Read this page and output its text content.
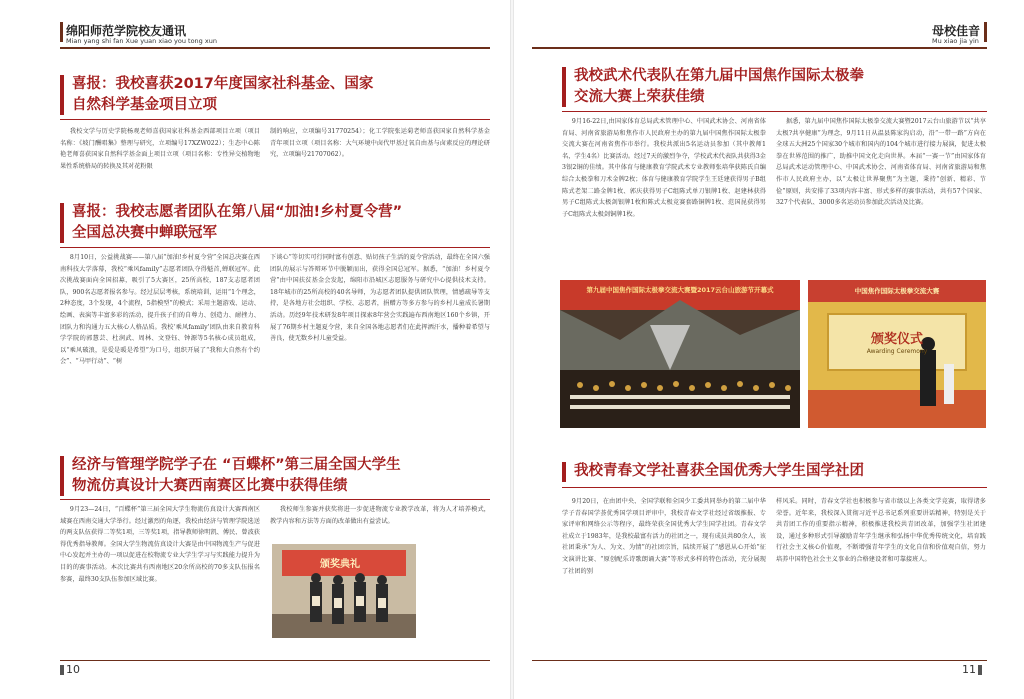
绵阳师范学院校友通讯
Mian yang shi fan Xue yuan xiao you tong xun
喜报：我校喜获2017年度国家社科基金、国家
自然科学基金项目立项
我校文学与历史学院杨观老师喜获国家社科基金西部项目立项（项目名称：《坡门酬唱集》整理与研究，立项编号17XZW022）；生态中心陈艳老师喜获国家自然科学基金面上项目立项（项目名称：专性异交植物地果性系统格局的转换及其对花粉限
制的响应，立项编号31770254）；化工学院张运菊老师喜获国家自然科学基金青年项目立项（项目名称：大气环境中卤代甲基过氧自由基与卤素反应的理论研究，立项编号21707062）。
喜报：我校志愿者团队在第八届“加油!乡村夏令营”
全国总决赛中蝉联冠军
8月10日，公益挑战赛——第八届“加油!乡村夏令营”全国总决赛在西南科技大学落幕，我校“乘风family”志愿者团队夺得魁首,蝉联冠军。此次挑战赛面向全国招募，吸引了5大赛区，25所高校，187支志愿者团队，900名志愿者报名参与。经过层层考核，系统培训，运用“1个理念，2种态度，3个发现，4个流程，5指模型”的模式；采用主题游戏、运动、绘画、表演等丰富多彩的活动，提升孩子们的自尊力、创造力、耐挫力、团队力和沟通力五大核心人格品质。我校‘乘风family’团队由来自教育科学学院的郭慧芸、杜润武、周林、文登钰、钟源等5名核心成员组成，以“乘风破浪，是爱是暖是希望”为口号，组织开展了“我和大自然有个约会”、“马甲行动”、“树
下谈心”等切实可行同时富有创意、贴切孩子生活的夏令营活动，最终在全国六强团队的展示与答辩环节中脱颖而出，获得全国总冠军。据悉，“加油！乡村夏令营”由中国扶贫基金会发起，绵阳市沿城区志愿服务与研究中心提供技术支持。18年城市的25所高校的40名导师，为志愿者团队提供团队管理，情感疏导等支持，是各地方社会组织、学校、志愿者，捐赠方等多方参与的乡村儿童成长暑期活动。历经9年技术研发8年项目探索8年营会实践遍布西南地区160个乡镇，开展了76期乡村主题夏令营，来自全国各地志愿者们在此挥洒汗水，播种着希望与善良，使无数乡村儿童受益。
经济与管理学院学子在 “百蝶杯”第三届全国大学生
物流仿真设计大赛西南赛区比赛中获得佳绩
9月23—24日，“百蝶杯”第三届全国大学生物流仿真设计大赛西南区域赛在西南交通大学举行。经过激烈的角逐，我校由经济与管理学院选送的两支队伍获得二等奖1项，三等奖1项，指导教师徐明凯、傅民、曾波获得优秀指导教师。全国大学生物流仿真设计大赛是由中国物流生产与促进中心发起并主办的一项以促进在校物流专业大学生学习与实践能力提升为目的的赛事活动。本次比赛共有西南地区20余所高校的70多支队伍报名参赛，最终30支队伍参加区域比赛。
我校师生参赛并获奖将进一步促进物流专业教学改革，将为人才培养模式，教学内容和方法等方面的改革做出有益尝试。
颁奖典礼
10
母校佳音
Mu xiao jia yin
我校武术代表队在第九届中国焦作国际太极拳
交流大赛上荣获佳绩
9月16-22日,由国家体育总局武术管理中心、中国武术协会、河南省体育局、河南省旅游局和焦作市人民政府主办的第九届中国焦作国际太极拳交流大赛在河南省焦作市举行。我校共派出5名运动员参加（其中教师1名，学生4名）比赛活动。经过7天的激烈争夺，学校武术代表队共获得3金3银2铜的佳绩。其中体育与健康教育学院武术专业教师张培华获陈氏自编综合太极拳和刀术金牌2枚；体育与健康教育学院学生王廷建获得男子B组陈式老架二路金牌1枚、郭庆获得男子C组陈式单刀银牌1枚、赵建林获得男子C组陈式太极剑银牌1枚和陈式太极竞赛套路铜牌1枚、范国昆获得男子C组陈式太极剑铜牌1枚。
据悉，第九届中国焦作国际太极拳交流大赛暨2017云台山旅游节以“共享太极?共享健康”为理念，9月11日从温县陈家沟启动，沿“一带一路”方向在全球五大洲25个国家30个城市和国内的104个城市进行接力展演，促进太极拳在世界范围的推广，助推中国文化走向世界。本届“一赛一节”由国家体育总局武术运动管理中心、中国武术协会、河南省体育局、河南省旅游局和焦作市人民政府主办，以“太极让世界聚焦”为主题，秉持“创新、精彩、节俭”原则，共安排了33项内容丰富、形式多样的赛事活动，共有57个国家、327个代表队、3000多名运动员参加此次活动及比赛。
第九届中国焦作国际太极拳交流大赛暨2017云台山旅游节开幕式	中国焦作国际太极拳交流大赛
颁奖仪式
Awarding Ceremony
我校青春文学社喜获全国优秀大学生国学社团
9月20日，在由团中央、全国学联和全国少工委共同举办的第二届中华学子青春国学荟优秀国学项目评审中，我校青春文学社经过省级推报、专家评审和网络公示等程序，最终荣获全国优秀大学生国学社团。青春文学社成立于1983年，是我校最富有活力的社团之一，现有成员共80余人，该社团秉承“为人、为文、为情”的社团宗旨，陆续开展了“感恩从心开始”征文演讲比赛、“原创配乐诗歌朗诵大赛”等形式多样的特色活动，充分展现了社团的别
样风采。同时，青春文学社也积极参与省市级以上各类文学竞赛，取得诸多荣誉。近年来，我校深入贯彻习近平总书记系列重要讲话精神，特别是关于共青团工作的重要指示精神，积极推进我校共青团改革，加强学生社团建设，通过多种形式引导激励青年学生继承和弘扬中华优秀传统文化，培育践行社会主义核心价值观，不断增强青年学生的文化自信和价值观自信，努力培养中国特色社会主义事业的合格建设者和可靠接班人。
11
